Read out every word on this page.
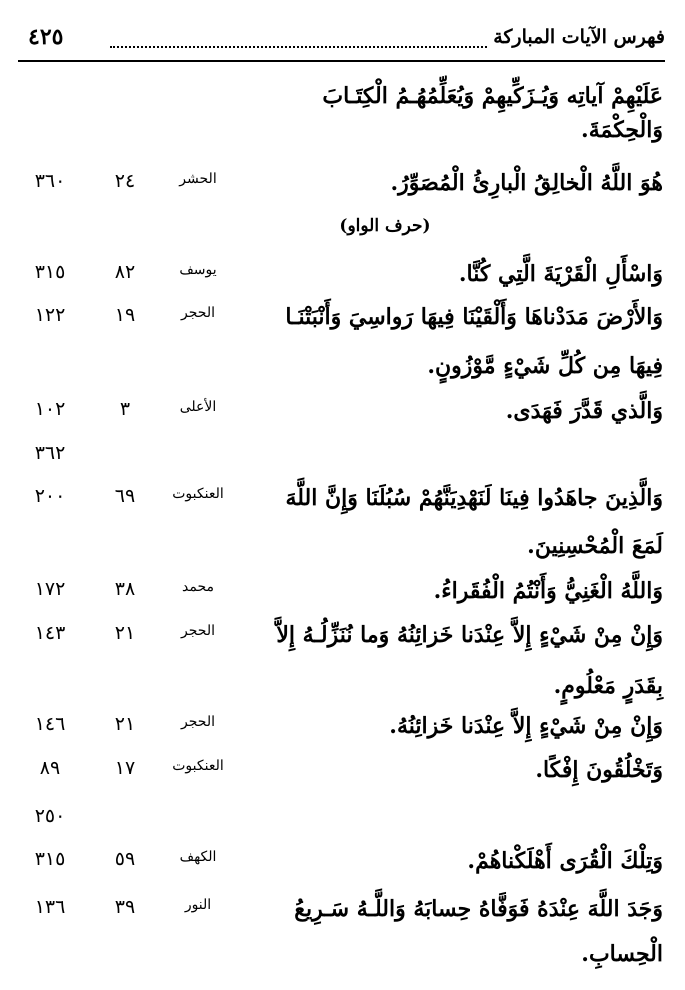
فهرس الآيات المباركة
٤٢٥
(حرف الواو)
عَلَيْهِمْ آياتِه وَيُـزَكِّيهِمْ وَيُعَلِّمُهُـمُ الْكِتَـابَ
وَالْحِكْمَةَ.
هُوَ اللَّهُ الْخالِقُ الْبارِئُ الْمُصَوِّرُ.
الحشر
٢٤
٣٦٠
وَاسْأَلِ الْقَرْيَةَ الَّتِي كُنَّا.
يوسف
٨٢
٣١٥
وَالأَرْضَ مَدَدْناهَا وَأَلْقَيْنَا فِيهَا رَواسِيَ وَأَنْبَتْنَـا
الحجر
١٩
١٢٢
فِيهَا مِن كُلِّ شَيْءٍ مَّوْزُونٍ.
وَالَّذي قَدَّرَ فَهَدَى.
الأعلى
٣
١٠٢
٣٦٢
وَالَّذِينَ جاهَدُوا فِينَا لَنَهْدِيَنَّهُمْ سُبُلَنَا وَإِنَّ اللَّهَ
العنكبوت
٦٩
٢٠٠
لَمَعَ الْمُحْسِنِينَ.
وَاللَّهُ الْغَنِيُّ وَأَنْتُمُ الْفُقَراءُ.
محمد
٣٨
١٧٢
وَإِنْ مِنْ شَيْءٍ إِلاَّ عِنْدَنا خَزائِنُهُ وَما نُنَزِّلُـهُ إِلاَّ
الحجر
٢١
١٤٣
بِقَدَرٍ مَعْلُومٍ.
وَإِنْ مِنْ شَيْءٍ إِلاَّ عِنْدَنا خَزائِنُهُ.
الحجر
٢١
١٤٦
وَتَخْلُقُونَ إِفْكًا.
العنكبوت
١٧
٨٩
٢٥٠
وَتِلْكَ الْقُرَى أَهْلَكْناهُمْ.
الكهف
٥٩
٣١٥
وَجَدَ اللَّهَ عِنْدَهُ فَوَفَّاهُ حِسابَهُ وَاللَّـهُ سَـرِيعُ
النور
٣٩
١٣٦
الْحِسابِ.
